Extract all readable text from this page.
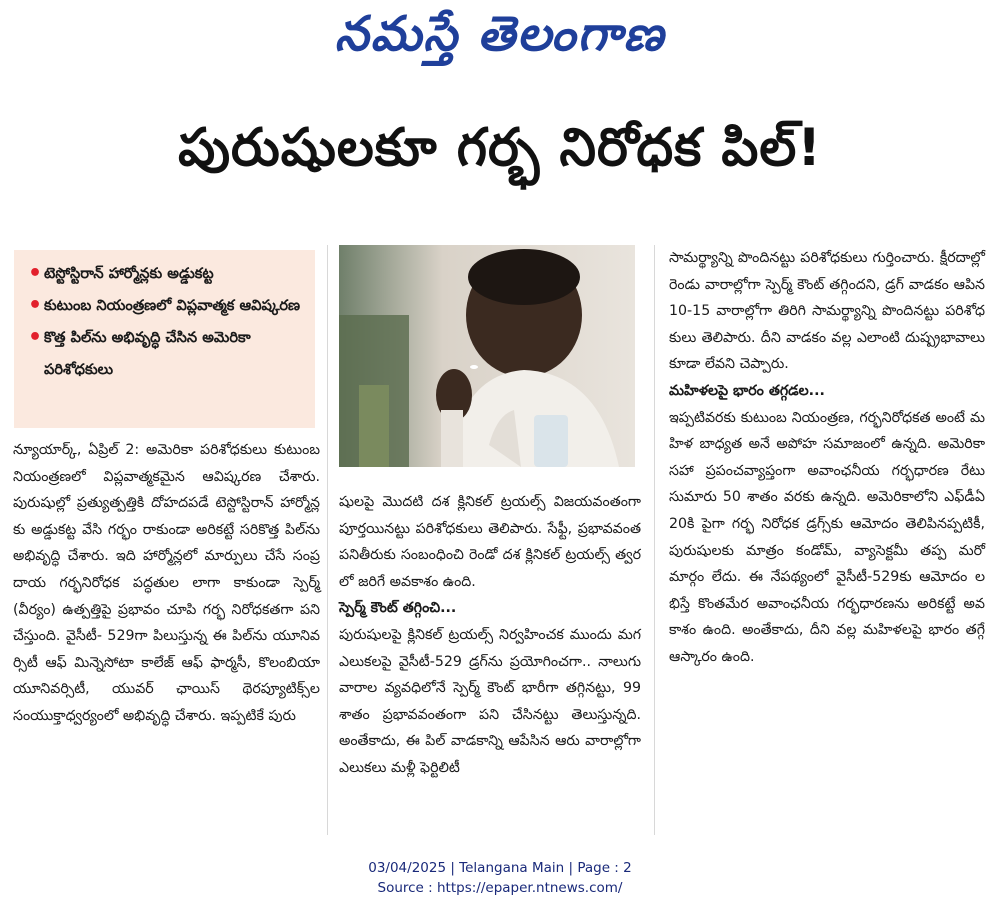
నమస్తే తెలంగాణ
పురుషులకూ గర్భ నిరోధక పిల్!
• టెస్టోస్టిరాన్ హార్మోన్లకు అడ్డుకట్ట
• కుటుంబ నియంత్రణలో విప్లవాత్మక ఆవిష్కరణ
• కొత్త పిల్‌ను అభివృద్ధి చేసిన అమెరికా పరిశోధకులు
న్యూయార్క్, ఏప్రిల్ 2: అమెరికా పరిశోధకులు కుటుంబ నియంత్రణలో విప్లవాత్మకమైన ఆవిష్కరణ చేశారు. పురుషుల్లో ప్రత్యుత్పత్తికి దోహదపడే టెస్టోస్టిరాన్ హార్మోన్లకు అడ్డుకట్ట వేసి గర్భం రాకుండా అరికట్టే సరికొత్త పిల్‌ను అభివృద్ధి చేశారు. ఇది హార్మోన్లలో మార్పులు చేసే సంప్రదాయ గర్భనిరోధక పద్ధతుల లాగా కాకుండా స్పెర్మ్ (వీర్యం) ఉత్పత్తిపై ప్రభావం చూపి గర్భ నిరోధకతగా పని చేస్తుంది. వైసీటీ- 529గా పిలుస్తున్న ఈ పిల్‌ను యూనివర్సిటీ ఆఫ్ మిన్నెసోటా కాలేజ్ ఆఫ్ ఫార్మసీ, కొలంబియా యూనివర్సిటీ, యువర్ ఛాయిస్ థెరప్యూటిక్స్‌ల సంయుక్తాధ్వర్యంలో అభివృద్ధి చేశారు. ఇప్పటికే పురు
షులపై మొదటి దశ క్లినికల్ ట్రయల్స్ విజయవంతంగా పూర్తయినట్టు పరిశోధకులు తెలిపారు. సేఫ్టీ, ప్రభావవంత పనితీరుకు సంబంధించి రెండో దశ క్లినికల్ ట్రయల్స్ త్వరలో జరిగే అవకాశం ఉంది.
స్పెర్మ్ కౌంట్ తగ్గించి...
పురుషులపై క్లినికల్ ట్రయల్స్ నిర్వహించక ముందు మగ ఎలుకలపై వైసీటీ-529 డ్రగ్‌ను ప్రయోగించగా.. నాలుగు వారాల వ్యవధిలోనే స్పెర్మ్ కౌంట్ భారీగా తగ్గినట్టు, 99 శాతం ప్రభావవంతంగా పని చేసినట్టు తెలుస్తున్నది. అంతేకాదు, ఈ పిల్ వాడకాన్ని ఆపేసిన ఆరు వారాల్లోగా ఎలుకలు మళ్లీ ఫెర్టిలిటీ
సామర్థ్యాన్ని పొందినట్టు పరిశోధకులు గుర్తించారు. క్షీరదాల్లో రెండు వారాల్లోగా స్పెర్మ్ కౌంట్ తగ్గిందని, డ్రగ్ వాడకం ఆపిన 10-15 వారాల్లోగా తిరిగి సామర్థ్యాన్ని పొందినట్టు పరిశోధకులు తెలిపారు. దీని వాడకం వల్ల ఎలాంటి దుష్ప్రభావాలు కూడా లేవని చెప్పారు.
మహిళలపై భారం తగ్గడల...
ఇప్పటివరకు కుటుంబ నియంత్రణ, గర్భనిరోధకత అంటే మహిళ బాధ్యత అనే అపోహ సమాజంలో ఉన్నది. అమెరికా సహా ప్రపంచవ్యాప్తంగా అవాంఛనీయ గర్భధారణ రేటు సుమారు 50 శాతం వరకు ఉన్నది. అమెరికాలోని ఎఫ్‌డీఏ 20కి పైగా గర్భ నిరోధక డ్రగ్స్‌కు ఆమోదం తెలిపినప్పటికీ, పురుషులకు మాత్రం కండోమ్, వ్యాసెక్టమీ తప్ప మరో మార్గం లేదు. ఈ నేపథ్యంలో వైసీటీ-529కు ఆమోదం లభిస్తే కొంతమేర అవాంఛనీయ గర్భధారణను అరికట్టే అవకాశం ఉంది. అంతేకాదు, దీని వల్ల మహిళలపై భారం తగ్గే ఆస్కారం ఉంది.
03/04/2025 | Telangana Main | Page : 2
Source : https://epaper.ntnews.com/
